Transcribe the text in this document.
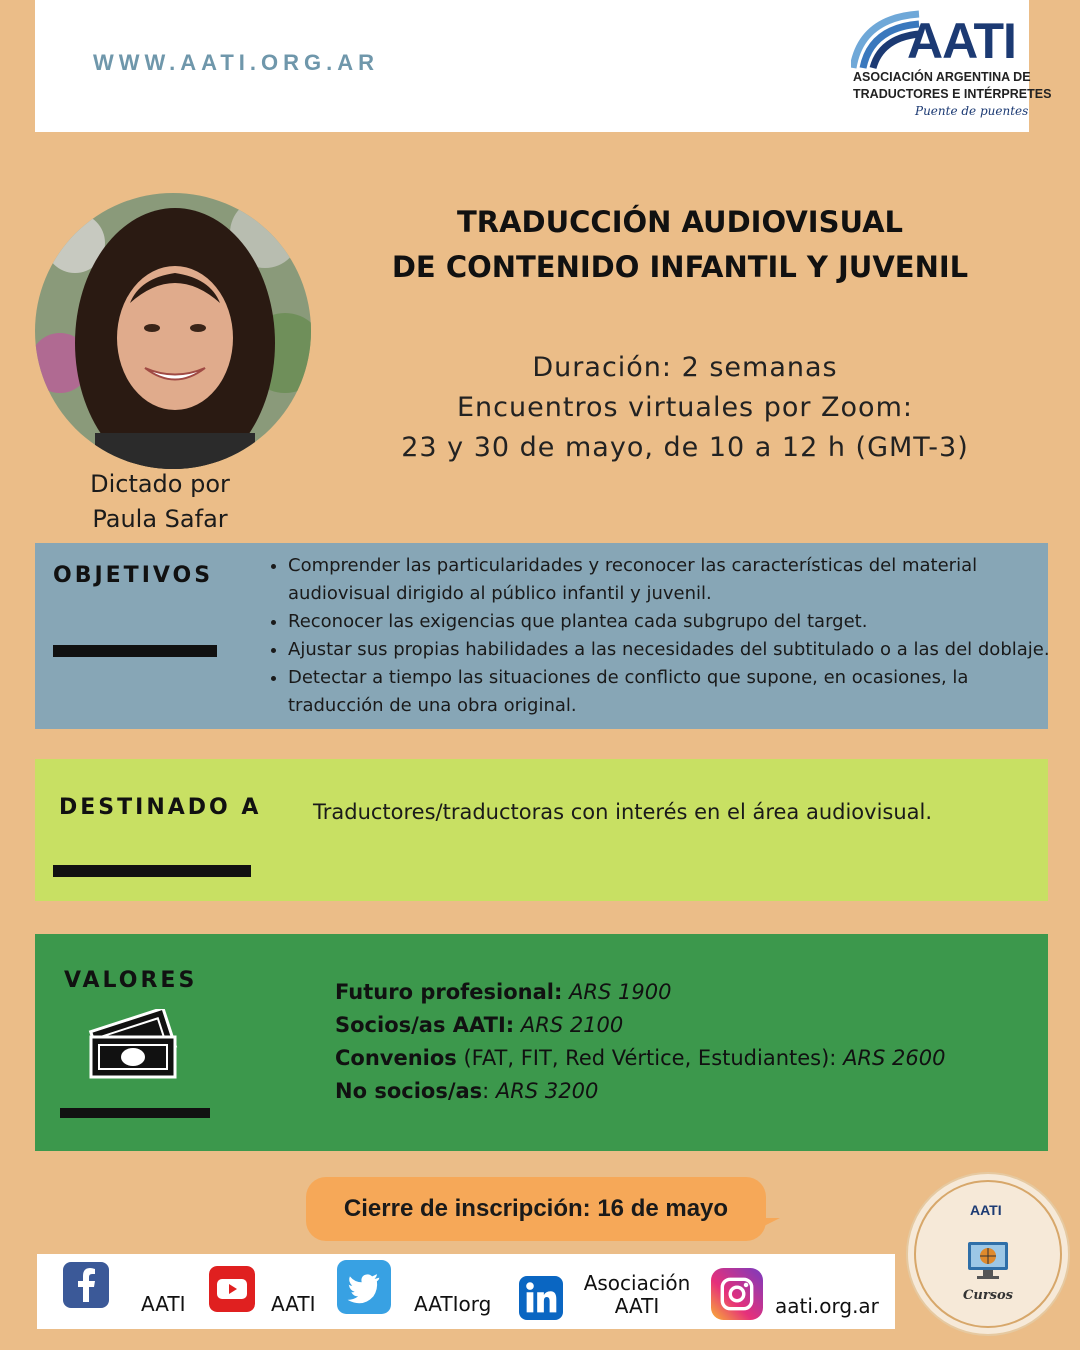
WWW.AATI.ORG.AR	AATI
ASOCIACIÓN ARGENTINA DE
TRADUCTORES E INTÉRPRETES
Puente de puentes
Dictado por
Paula Safar
TRADUCCIÓN AUDIOVISUAL
DE CONTENIDO INFANTIL Y JUVENIL
Duración: 2 semanas
Encuentros virtuales por Zoom:
23 y 30 de mayo, de 10 a 12 h (GMT-3)
OBJETIVOS
•	Comprender las particularidades y reconocer las características del material audiovisual dirigido al público infantil y juvenil.
• Reconocer las exigencias que plantea cada subgrupo del target.
• Ajustar sus propias habilidades a las necesidades del subtitulado o a las del doblaje.
• Detectar a tiempo las situaciones de conflicto que supone, en ocasiones, la traducción de una obra original.
DESTINADO A Traductores/traductoras con interés en el área audiovisual.
VALORES	Futuro profesional: ARS 1900
Socios/as AATI: ARS 2100
Convenios (FAT, FIT, Red Vértice, Estudiantes): ARS 2600
No socios/as: ARS 3200
Cierre de inscripción: 16 de mayo
AATI	AATI	AATIorg
Asociación
AATI	aati.org.ar
AATI
Cursos
